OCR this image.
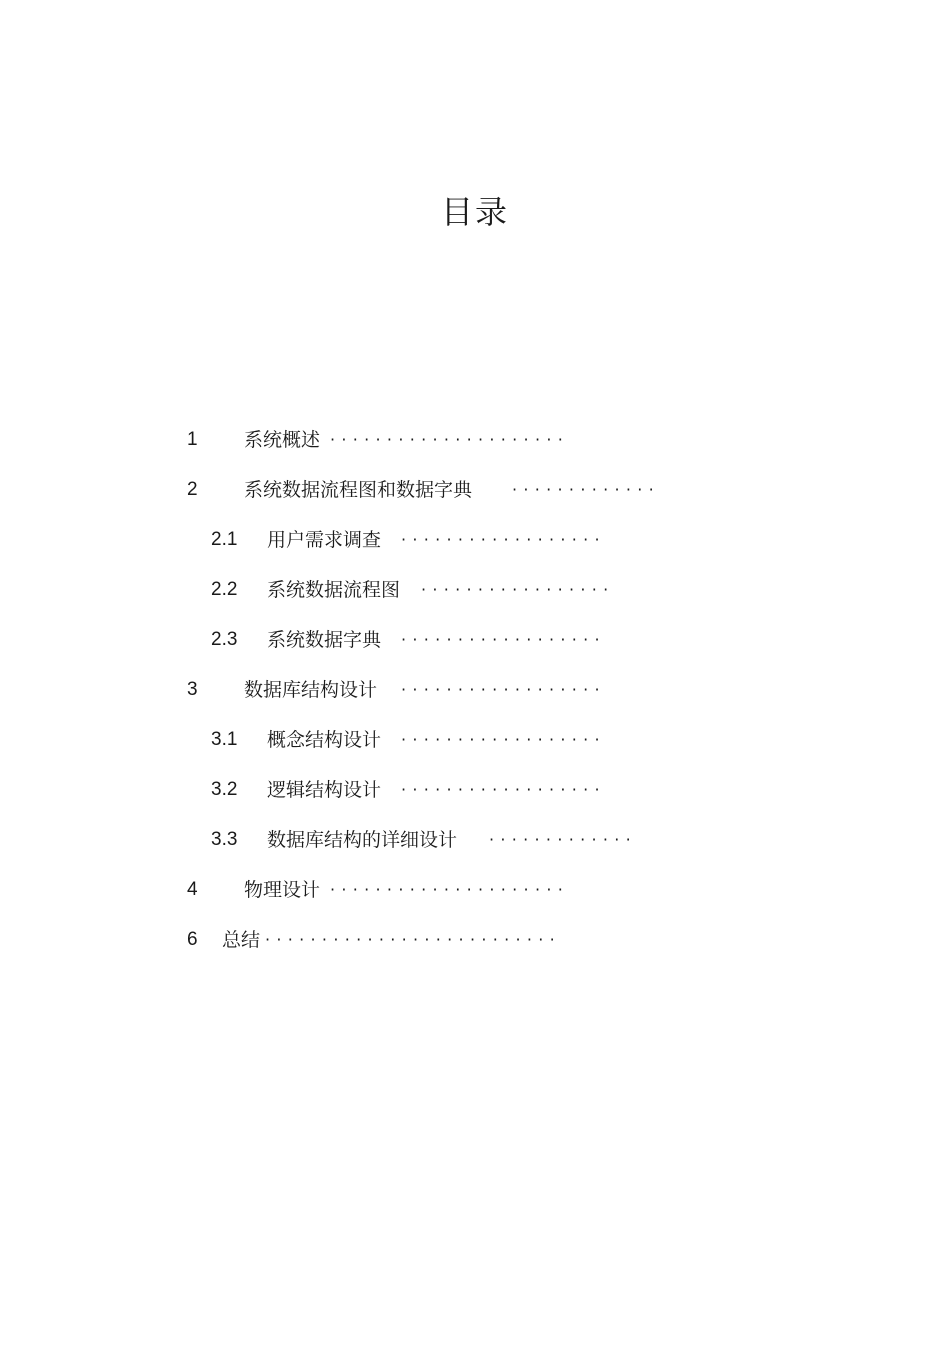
目录
1 系统概述 ·····················
2 系统数据流程图和数据字典 ·············
2.1 用户需求调查 ··················
2.2 系统数据流程图 ·················
2.3 系统数据字典 ··················
3 数据库结构设计 ··················
3.1 概念结构设计 ··················
3.2 逻辑结构设计 ··················
3.3 数据库结构的详细设计 ·············
4 物理设计 ·····················
6 总结 ··························
